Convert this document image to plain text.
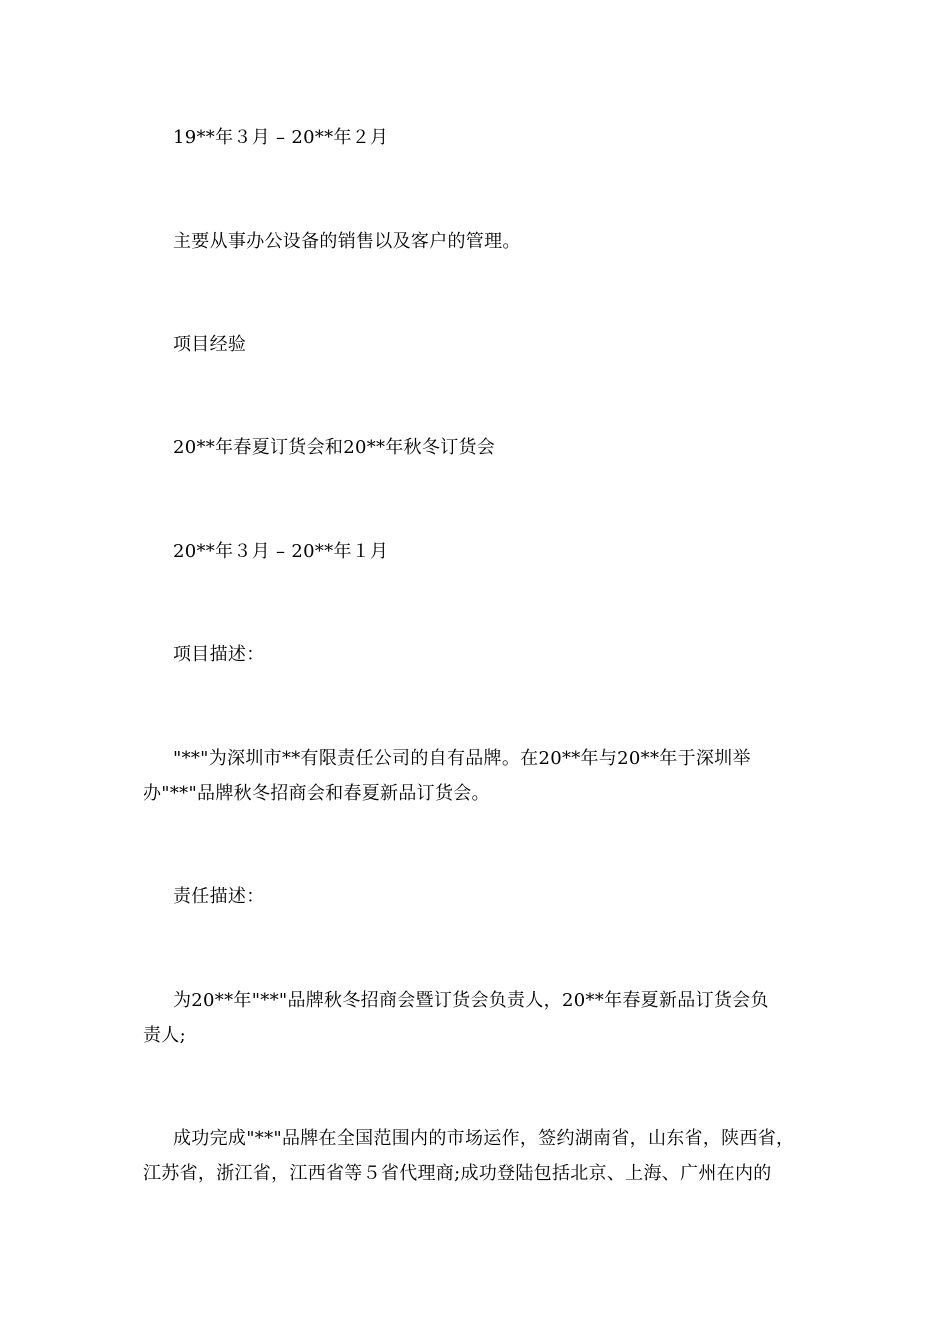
19**年３月 – 20**年２月
主要从事办公设备的销售以及客户的管理。
项目经验
20**年春夏订货会和20**年秋冬订货会
20**年３月 – 20**年１月
项目描述：
"**"为深圳市**有限责任公司的自有品牌。在20**年与20**年于深圳举
办"**"品牌秋冬招商会和春夏新品订货会。
责任描述：
为20**年"**"品牌秋冬招商会暨订货会负责人，20**年春夏新品订货会负
责人;
成功完成"**"品牌在全国范围内的市场运作，签约湖南省，山东省，陕西省，
江苏省，浙江省，江西省等５省代理商;成功登陆包括北京、上海、广州在内的
